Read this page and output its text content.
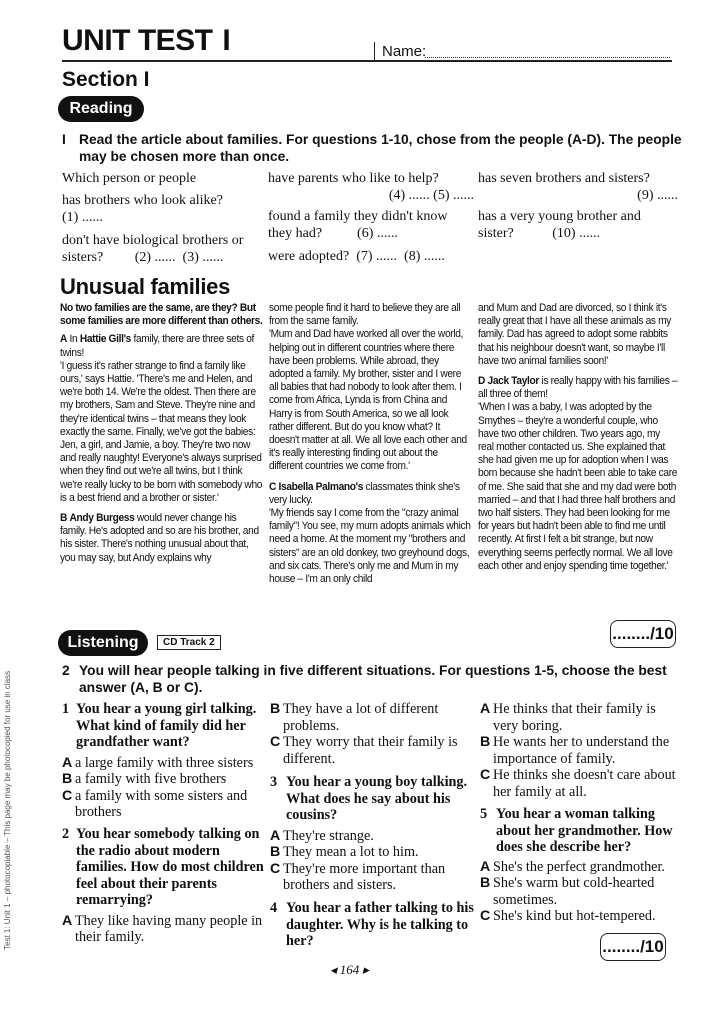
UNIT TEST I	Name:
Section I
Reading
I Read the article about families. For questions 1-10, chose from the people (A-D). The people may be chosen more than once.
Which person or people
has brothers who look alike?
(1) ......
don't have biological brothers or
sisters?         (2) ......  (3) ......
have parents who like to help?
(4) ...... (5) ......
found a family they didn't know
they had?          (6) ......
were adopted?  (7) ......  (8) ......
has seven brothers and sisters?
(9) ......
has a very young brother and
sister?           (10) ......
Unusual families

No two families are the same, are they? But some families are more different than others.

A In Hattie Gill's family, there are three sets of twins!

'I guess it's rather strange to find a family like ours,' says Hattie. 'There's me and Helen, and we're both 14. We're the oldest. Then there are my brothers, Sam and Steve. They're nine and they're identical twins – that means they look exactly the same. Finally, we've got the babies: Jen, a girl, and Jamie, a boy. They're two now and really naughty! Everyone's always surprised when they find out we're all twins, but I think we're really lucky to be born with somebody who is a best friend and a brother or sister.'

B Andy Burgess would never change his family. He's adopted and so are his brother, and his sister. There's nothing unusual about that, you may say, but Andy explains why

some people find it hard to believe they are all from the same family.

'Mum and Dad have worked all over the world, helping out in different countries where there have been problems. While abroad, they adopted a family. My brother, sister and I were all babies that had nobody to look after them. I come from Africa, Lynda is from China and Harry is from South America, so we all look rather different. But do you know what? It doesn't matter at all. We all love each other and it's really interesting finding out about the different countries we come from.'

C Isabella Palmano's classmates think she's very lucky.

'My friends say I come from the "crazy animal family"! You see, my mum adopts animals which need a home. At the moment my "brothers and sisters" are an old donkey, two greyhound dogs, and six cats. There's only me and Mum in my house – I'm an only child

and Mum and Dad are divorced, so I think it's really great that I have all these animals as my family. Dad has agreed to adopt some rabbits that his neighbour doesn't want, so maybe I'll have two animal families soon!'

D Jack Taylor is really happy with his families – all three of them!

'When I was a baby, I was adopted by the Smythes – they're a wonderful couple, who have two other children. Two years ago, my real mother contacted us. She explained that she had given me up for adoption when I was born because she hadn't been able to take care of me. She said that she and my dad were both married – and that I had three half brothers and two half sisters. They had been looking for me for years but hadn't been able to find me until recently. At first I felt a bit strange, but now everything seems perfectly normal. We all love each other and enjoy spending time together.'

......../10
Listening	CD Track 2
2 You will hear people talking in five different situations. For questions 1-5, choose the best answer (A, B or C).
1 You hear a young girl talking. What kind of family did her grandfather want?
A a large family with three sisters
B a family with five brothers
C a family with some sisters and brothers
2 You hear somebody talking on the radio about modern families. How do most children feel about their parents remarrying?
A They like having many people in their family.
B They have a lot of different problems.
C They worry that their family is different.
3 You hear a young boy talking. What does he say about his cousins?
A They're strange.
B They mean a lot to him.
C They're more important than brothers and sisters.
4 You hear a father talking to his daughter. Why is he talking to her?
A He thinks that their family is very boring.
B He wants her to understand the importance of family.
C He thinks she doesn't care about her family at all.
5 You hear a woman talking about her grandmother. How does she describe her?
A She's the perfect grandmother.
B She's warm but cold-hearted sometimes.
C She's kind but hot-tempered.
......../10
◂ 164 ▸
Test 1: Unit 1 – photocopiable – This page may be photocopied for use in class
